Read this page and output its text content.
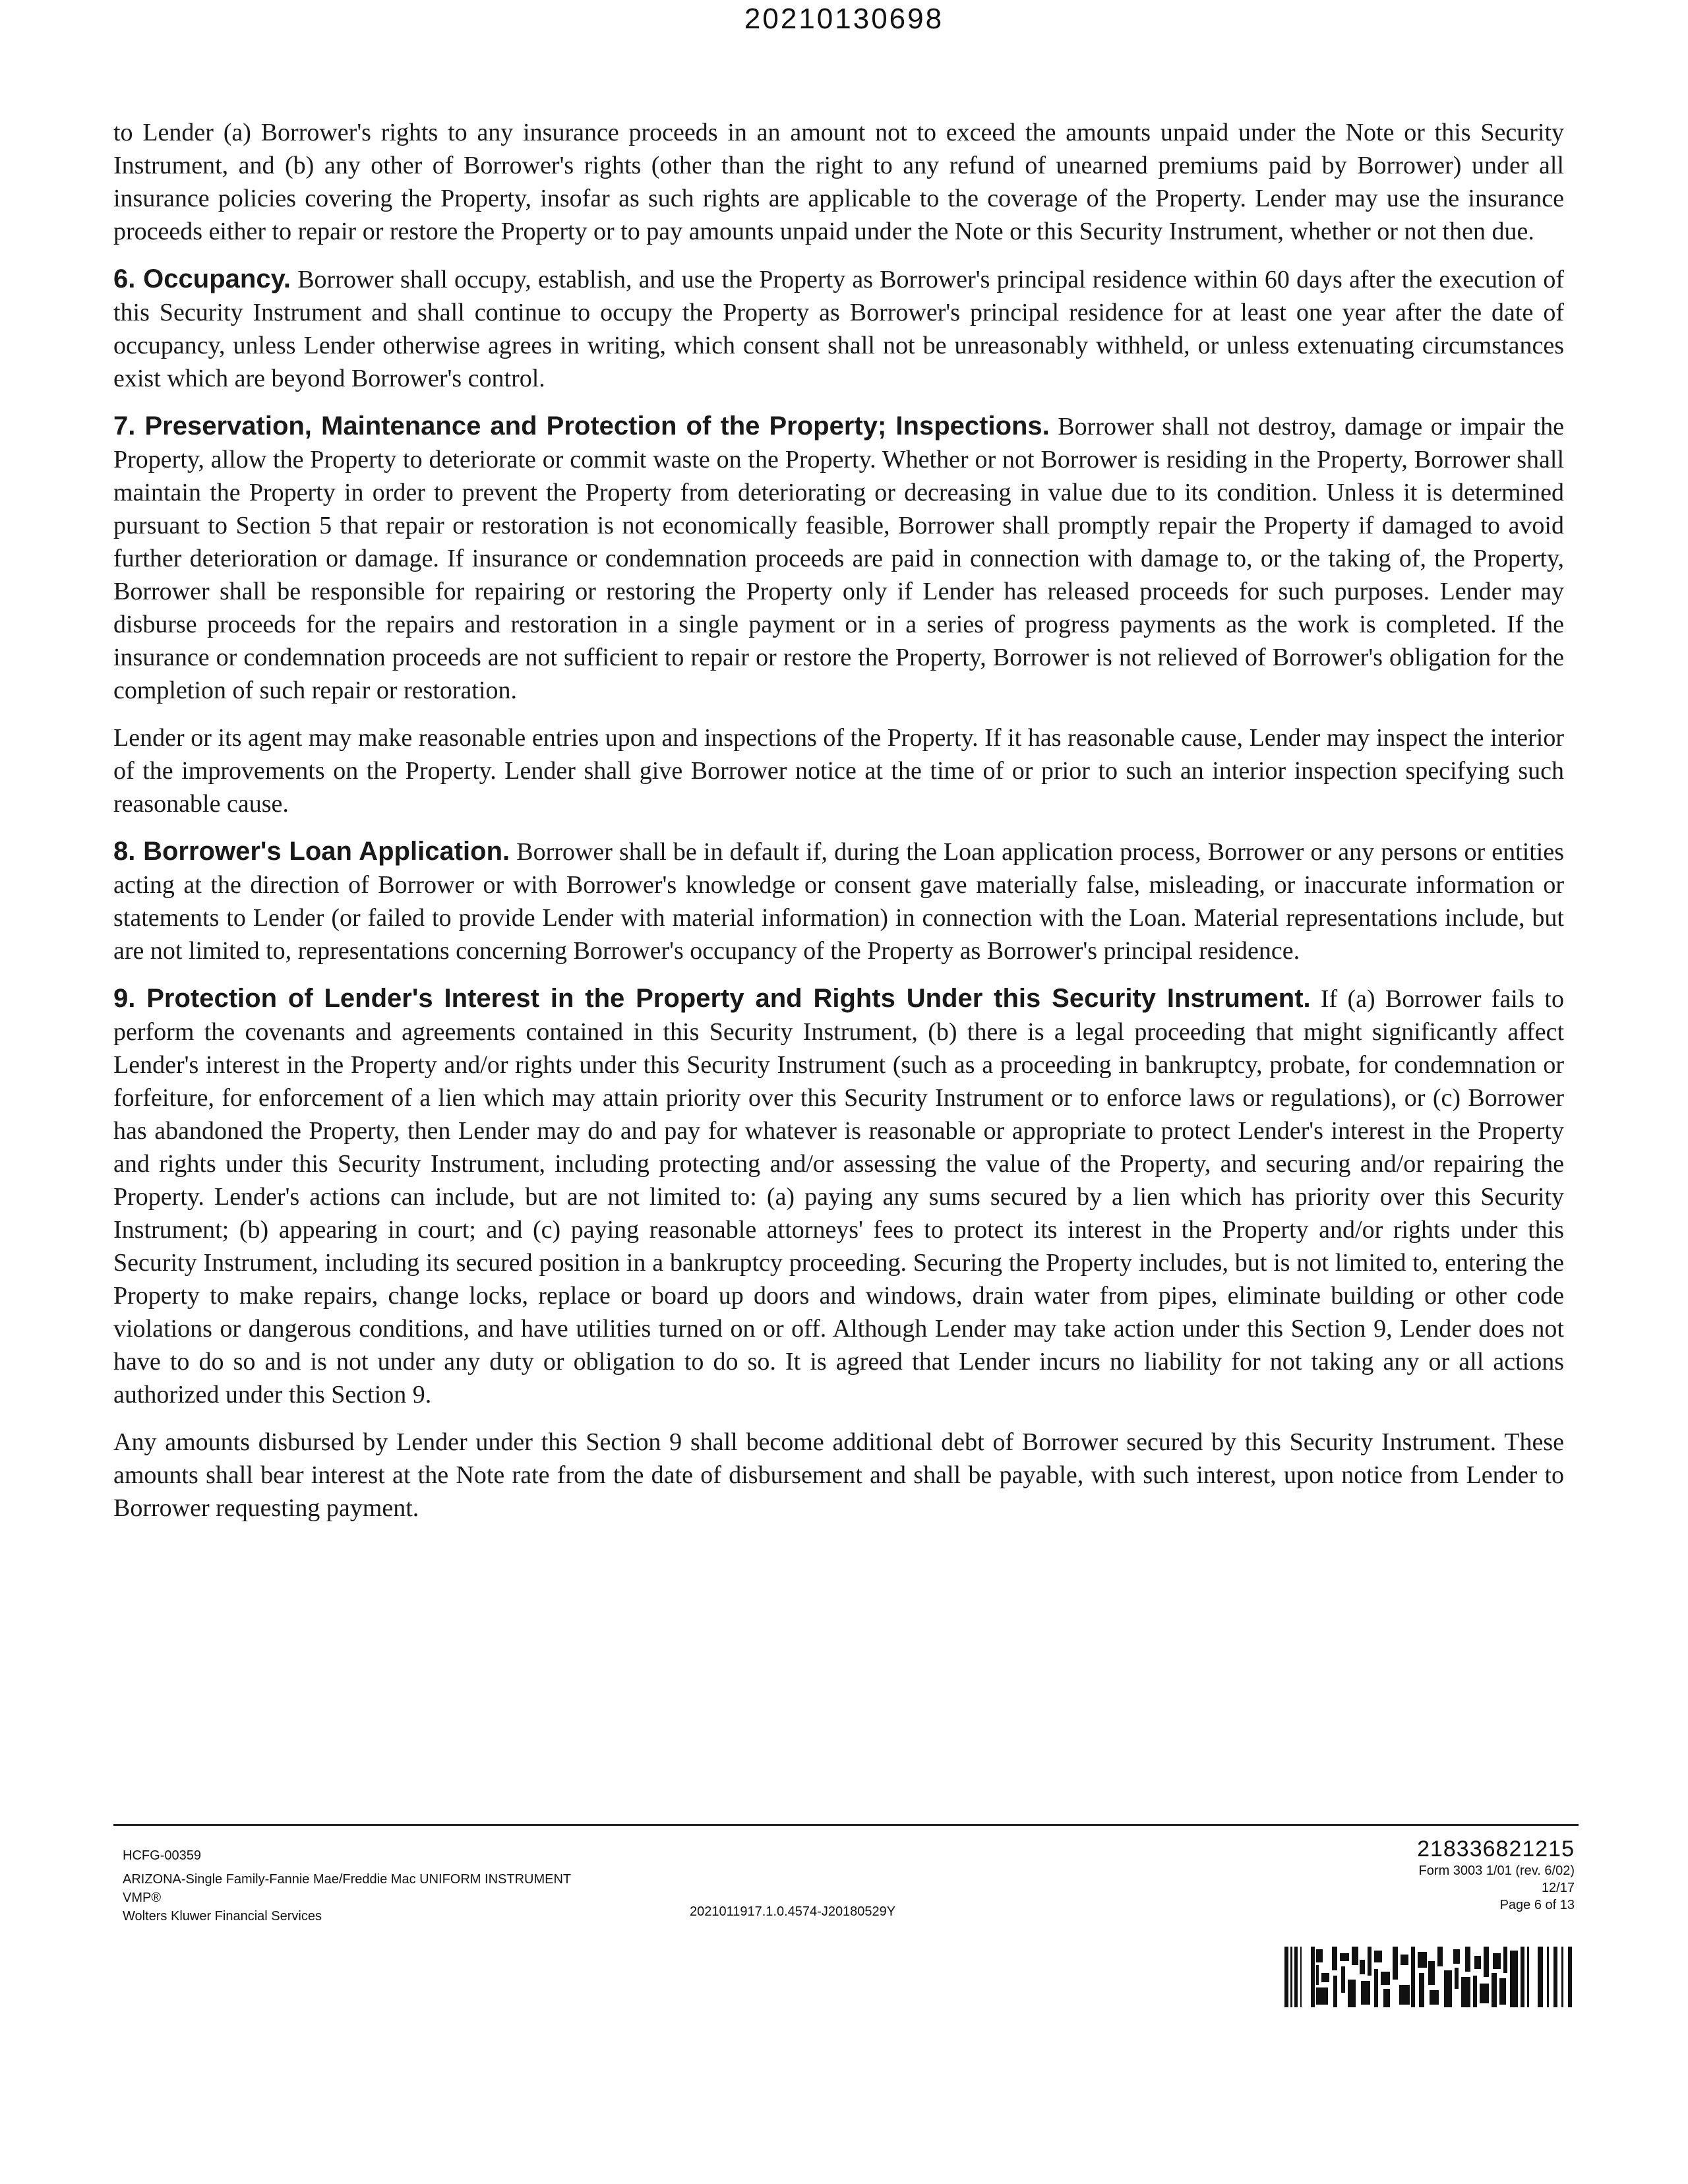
20210130698

to Lender (a) Borrower's rights to any insurance proceeds in an amount not to exceed the amounts unpaid under the Note or this Security Instrument, and (b) any other of Borrower's rights (other than the right to any refund of unearned premiums paid by Borrower) under all insurance policies covering the Property, insofar as such rights are applicable to the coverage of the Property. Lender may use the insurance proceeds either to repair or restore the Property or to pay amounts unpaid under the Note or this Security Instrument, whether or not then due.

6. Occupancy. Borrower shall occupy, establish, and use the Property as Borrower's principal residence within 60 days after the execution of this Security Instrument and shall continue to occupy the Property as Borrower's principal residence for at least one year after the date of occupancy, unless Lender otherwise agrees in writing, which consent shall not be unreasonably withheld, or unless extenuating circumstances exist which are beyond Borrower's control.

7. Preservation, Maintenance and Protection of the Property; Inspections. Borrower shall not destroy, damage or impair the Property, allow the Property to deteriorate or commit waste on the Property. Whether or not Borrower is residing in the Property, Borrower shall maintain the Property in order to prevent the Property from deteriorating or decreasing in value due to its condition. Unless it is determined pursuant to Section 5 that repair or restoration is not economically feasible, Borrower shall promptly repair the Property if damaged to avoid further deterioration or damage. If insurance or condemnation proceeds are paid in connection with damage to, or the taking of, the Property, Borrower shall be responsible for repairing or restoring the Property only if Lender has released proceeds for such purposes. Lender may disburse proceeds for the repairs and restoration in a single payment or in a series of progress payments as the work is completed. If the insurance or condemnation proceeds are not sufficient to repair or restore the Property, Borrower is not relieved of Borrower's obligation for the completion of such repair or restoration.

Lender or its agent may make reasonable entries upon and inspections of the Property. If it has reasonable cause, Lender may inspect the interior of the improvements on the Property. Lender shall give Borrower notice at the time of or prior to such an interior inspection specifying such reasonable cause.

8. Borrower's Loan Application. Borrower shall be in default if, during the Loan application process, Borrower or any persons or entities acting at the direction of Borrower or with Borrower's knowledge or consent gave materially false, misleading, or inaccurate information or statements to Lender (or failed to provide Lender with material information) in connection with the Loan. Material representations include, but are not limited to, representations concerning Borrower's occupancy of the Property as Borrower's principal residence.

9. Protection of Lender's Interest in the Property and Rights Under this Security Instrument. If (a) Borrower fails to perform the covenants and agreements contained in this Security Instrument, (b) there is a legal proceeding that might significantly affect Lender's interest in the Property and/or rights under this Security Instrument (such as a proceeding in bankruptcy, probate, for condemnation or forfeiture, for enforcement of a lien which may attain priority over this Security Instrument or to enforce laws or regulations), or (c) Borrower has abandoned the Property, then Lender may do and pay for whatever is reasonable or appropriate to protect Lender's interest in the Property and rights under this Security Instrument, including protecting and/or assessing the value of the Property, and securing and/or repairing the Property. Lender's actions can include, but are not limited to: (a) paying any sums secured by a lien which has priority over this Security Instrument; (b) appearing in court; and (c) paying reasonable attorneys' fees to protect its interest in the Property and/or rights under this Security Instrument, including its secured position in a bankruptcy proceeding. Securing the Property includes, but is not limited to, entering the Property to make repairs, change locks, replace or board up doors and windows, drain water from pipes, eliminate building or other code violations or dangerous conditions, and have utilities turned on or off. Although Lender may take action under this Section 9, Lender does not have to do so and is not under any duty or obligation to do so. It is agreed that Lender incurs no liability for not taking any or all actions authorized under this Section 9.

Any amounts disbursed by Lender under this Section 9 shall become additional debt of Borrower secured by this Security Instrument. These amounts shall bear interest at the Note rate from the date of disbursement and shall be payable, with such interest, upon notice from Lender to Borrower requesting payment.

HCFG-00359
ARIZONA-Single Family-Fannie Mae/Freddie Mac UNIFORM INSTRUMENT
VMP®
Wolters Kluwer Financial Services	2021011917.1.0.4574-J20180529Y
218336821215
Form 3003 1/01 (rev. 6/02)
12/17
Page 6 of 13
